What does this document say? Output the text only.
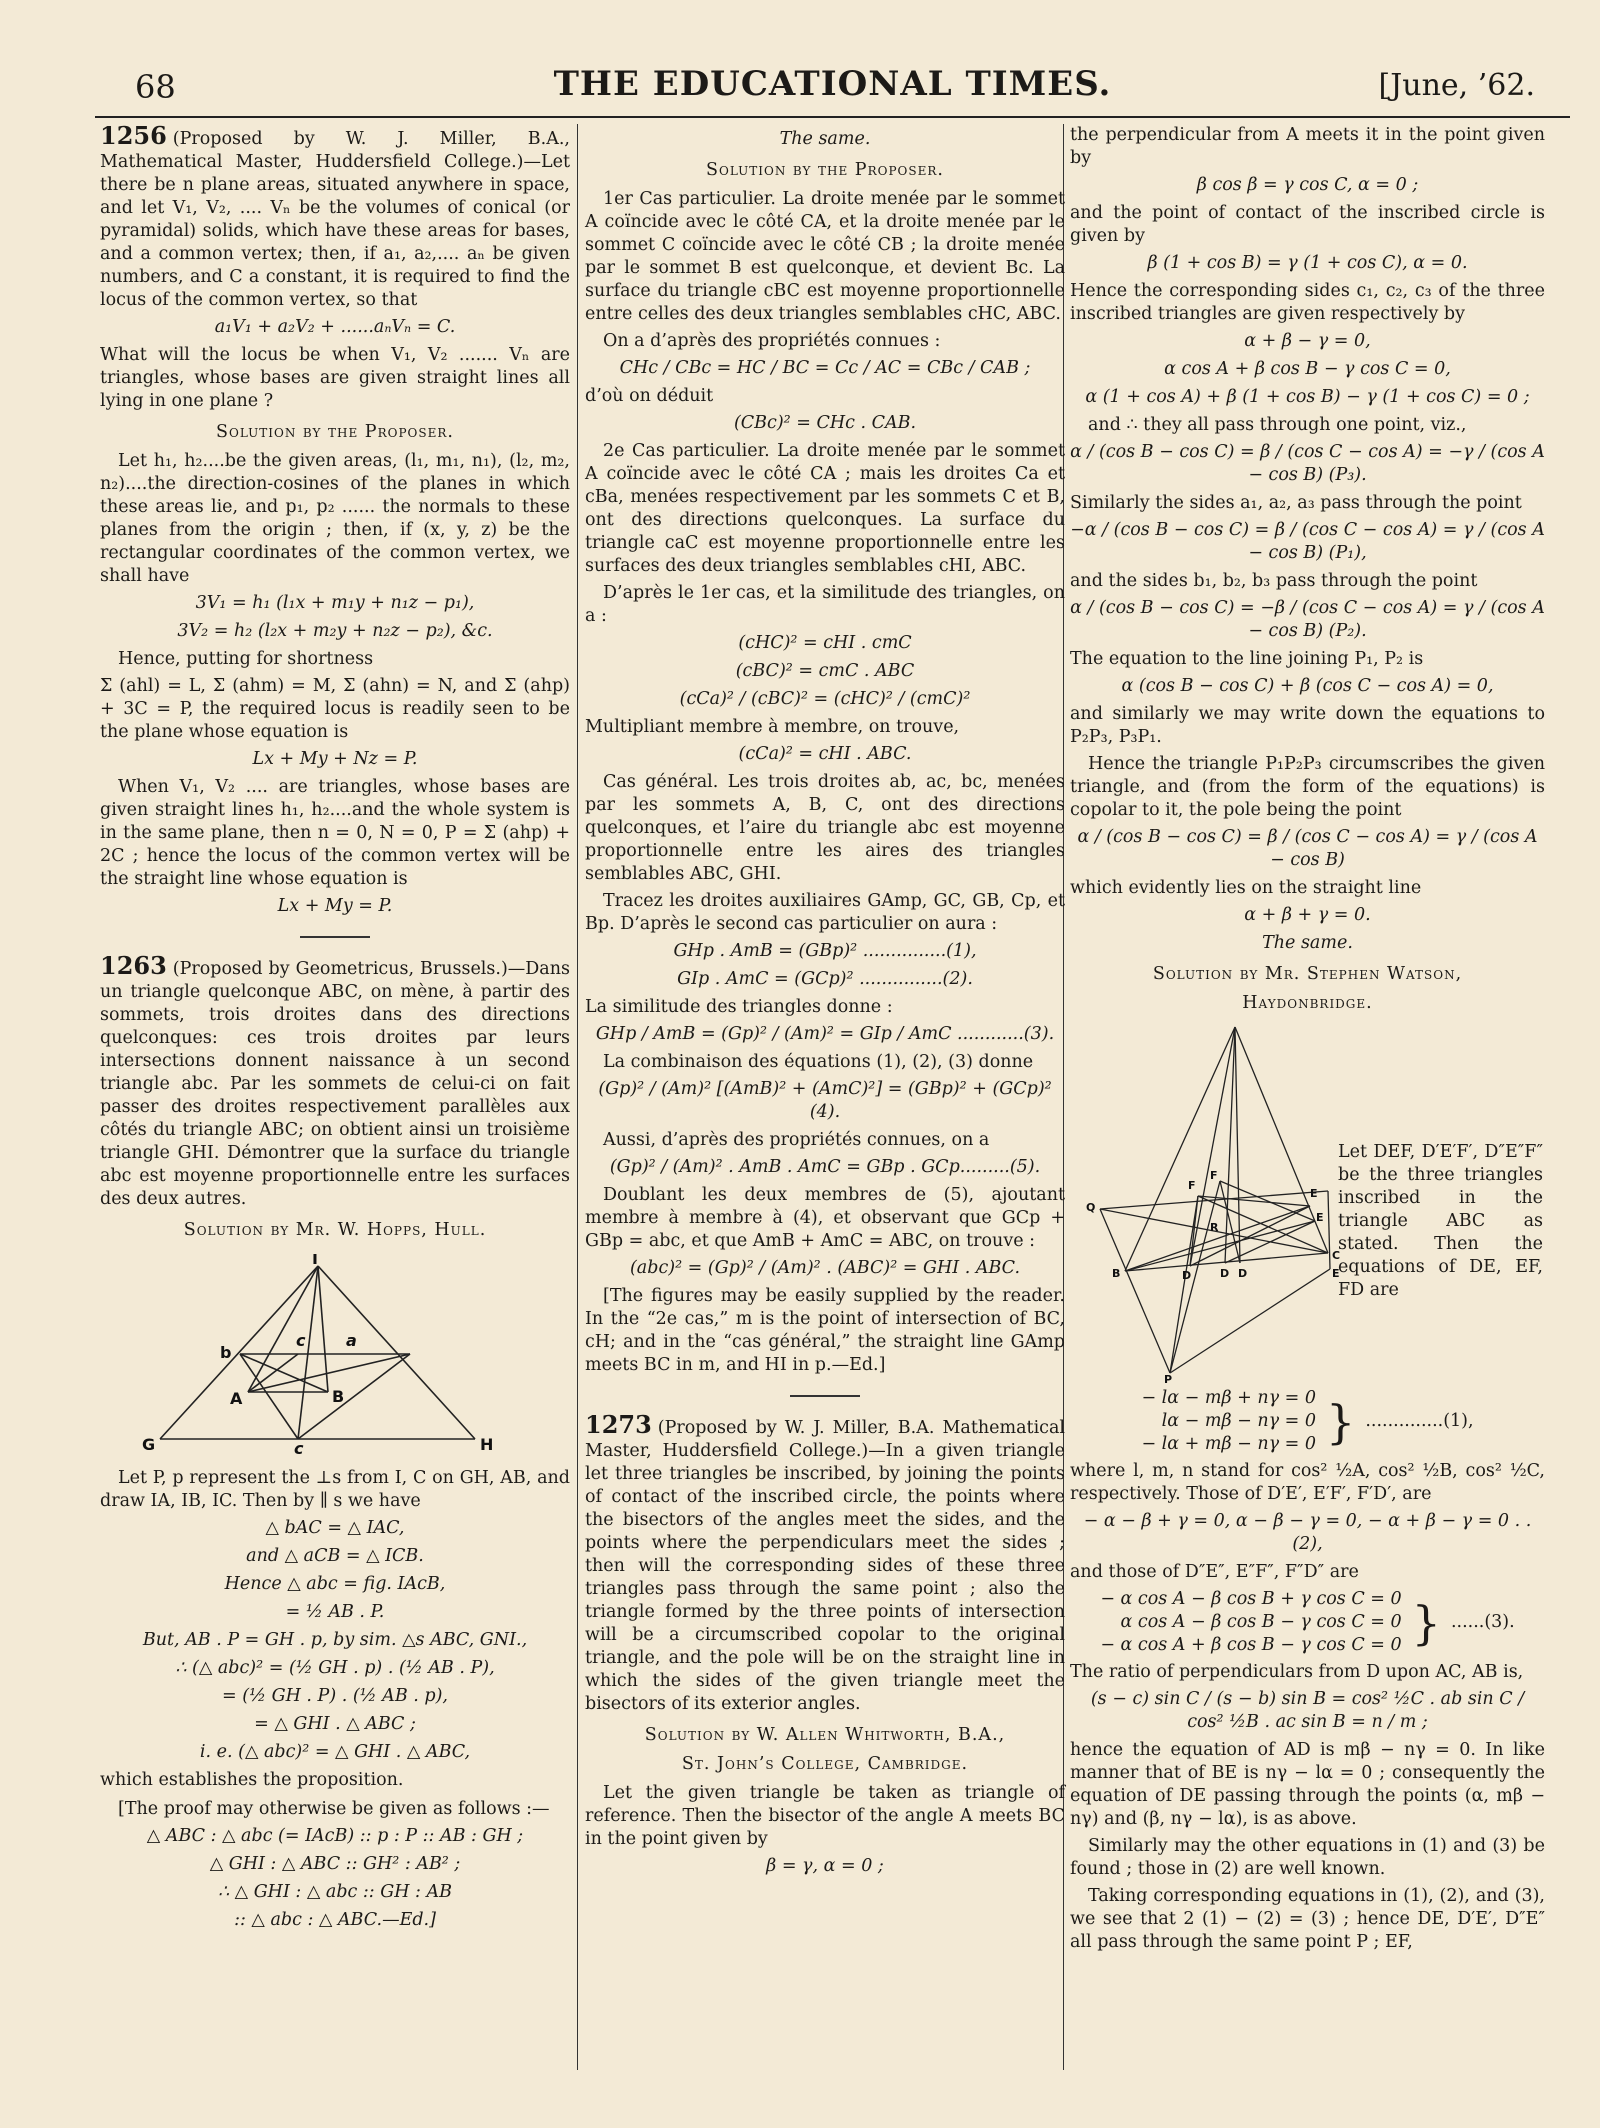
68	THE EDUCATIONAL TIMES.	[June, ’62.

1256 (Proposed by W. J. Miller, B.A., Mathematical Master, Huddersfield College.)—Let there be n plane areas, situated anywhere in space, and let V₁, V₂, .... Vₙ be the volumes of conical (or pyramidal) solids, which have these areas for bases, and a common vertex; then, if a₁, a₂,.... aₙ be given numbers, and C a constant, it is required to find the locus of the common vertex, so that

a₁V₁ + a₂V₂ + ......aₙVₙ = C.

What will the locus be when V₁, V₂ ....... Vₙ are triangles, whose bases are given straight lines all lying in one plane ?

Solution by the Proposer.

Let h₁, h₂....be the given areas, (l₁, m₁, n₁), (l₂, m₂, n₂)....the direction-cosines of the planes in which these areas lie, and p₁, p₂ ...... the normals to these planes from the origin ; then, if (x, y, z) be the rectangular coordinates of the common vertex, we shall have

3V₁ = h₁ (l₁x + m₁y + n₁z − p₁),
3V₂ = h₂ (l₂x + m₂y + n₂z − p₂), &c.

Hence, putting for shortness

Σ (ahl) = L, Σ (ahm) = M, Σ (ahn) = N, and Σ (ahp) + 3C = P, the required locus is readily seen to be the plane whose equation is

Lx + My + Nz = P.

When V₁, V₂ .... are triangles, whose bases are given straight lines h₁, h₂....and the whole system is in the same plane, then n = 0, N = 0, P = Σ (ahp) + 2C ; hence the locus of the common vertex will be the straight line whose equation is

Lx + My = P.

1263 (Proposed by Geometricus, Brussels.)—Dans un triangle quelconque ABC, on mène, à partir des sommets, trois droites dans des directions quelconques: ces trois droites par leurs intersections donnent naissance à un second triangle abc. Par les sommets de celui-ci on fait passer des droites respectivement parallèles aux côtés du triangle ABC; on obtient ainsi un troisième triangle GHI. Démontrer que la surface du triangle abc est moyenne proportionnelle entre les surfaces des deux autres.

Solution by Mr. W. Hopps, Hull.
I
b
c	a
A	B
G	c	H

Let P, p represent the ⊥s from I, C on GH, AB, and draw IA, IB, IC. Then by ∥ s we have

△ bAC = △ IAC,
and △ aCB = △ ICB.
Hence △ abc = fig. IAcB,
= ½ AB . P.
But, AB . P = GH . p, by sim. △s ABC, GNI.,
∴ (△ abc)² = (½ GH . p) . (½ AB . P),
= (½ GH . P) . (½ AB . p),
= △ GHI . △ ABC ;
i. e. (△ abc)² = △ GHI . △ ABC,

which establishes the proposition.

[The proof may otherwise be given as follows :—

△ ABC : △ abc (= IAcB) :: p : P :: AB : GH ;
△ GHI : △ ABC :: GH² : AB² ;
∴ △ GHI : △ abc :: GH : AB
:: △ abc : △ ABC.—Ed.]
The same.
Solution by the Proposer.

1er Cas particulier. La droite menée par le sommet A coïncide avec le côté CA, et la droite menée par le sommet C coïncide avec le côté CB ; la droite menée par le sommet B est quelconque, et devient Bc. La surface du triangle cBC est moyenne proportionnelle entre celles des deux triangles semblables cHC, ABC.

On a d’après des propriétés connues :

CHc / CBc = HC / BC = Cc / AC = CBc / CAB ;

d’où on déduit

(CBc)² = CHc . CAB.

2e Cas particulier. La droite menée par le sommet A coïncide avec le côté CA ; mais les droites Ca et cBa, menées respectivement par les sommets C et B, ont des directions quelconques. La surface du triangle caC est moyenne proportionnelle entre les surfaces des deux triangles semblables cHI, ABC.

D’après le 1er cas, et la similitude des triangles, on a :

(cHC)² = cHI . cmC
(cBC)² = cmC . ABC
(cCa)² / (cBC)² = (cHC)² / (cmC)²

Multipliant membre à membre, on trouve,

(cCa)² = cHI . ABC.

Cas général. Les trois droites ab, ac, bc, menées par les sommets A, B, C, ont des directions quelconques, et l’aire du triangle abc est moyenne proportionnelle entre les aires des triangles semblables ABC, GHI.

Tracez les droites auxiliaires GAmp, GC, GB, Cp, et Bp. D’après le second cas particulier on aura :

GHp . AmB = (GBp)² ...............(1),
GIp . AmC = (GCp)² ...............(2).

La similitude des triangles donne :

GHp / AmB = (Gp)² / (Am)² = GIp / AmC ............(3).

La combinaison des équations (1), (2), (3) donne

(Gp)² / (Am)² [(AmB)² + (AmC)²] = (GBp)² + (GCp)² (4).

Aussi, d’après des propriétés connues, on a

(Gp)² / (Am)² . AmB . AmC = GBp . GCp.........(5).

Doublant les deux membres de (5), ajoutant membre à membre à (4), et observant que GCp + GBp = abc, et que AmB + AmC = ABC, on trouve :

(abc)² = (Gp)² / (Am)² . (ABC)² = GHI . ABC.

[The figures may be easily supplied by the reader. In the “2e cas,” m is the point of intersection of BC, cH; and in the “cas général,” the straight line GAmp meets BC in m, and HI in p.—Ed.]

1273 (Proposed by W. J. Miller, B.A. Mathematical Master, Huddersfield College.)—In a given triangle let three triangles be inscribed, by joining the points of contact of the inscribed circle, the points where the bisectors of the angles meet the sides, and the points where the perpendiculars meet the sides ; then will the corresponding sides of these three triangles pass through the same point ; also the triangle formed by the three points of intersection will be a circumscribed copolar to the original triangle, and the pole will be on the straight line in which the sides of the given triangle meet the bisectors of its exterior angles.

Solution by W. Allen Whitworth, B.A.,
St. John’s College, Cambridge.

Let the given triangle be taken as triangle of reference. Then the bisector of the angle A meets BC in the point given by

β = γ, α = 0 ;

the perpendicular from A meets it in the point given by

β cos β = γ cos C, α = 0 ;

and the point of contact of the inscribed circle is given by

β (1 + cos B) = γ (1 + cos C), α = 0.

Hence the corresponding sides c₁, c₂, c₃ of the three inscribed triangles are given respectively by

α + β − γ = 0,
α cos A + β cos B − γ cos C = 0,
α (1 + cos A) + β (1 + cos B) − γ (1 + cos C) = 0 ;

and ∴ they all pass through one point, viz.,

α / (cos B − cos C) = β / (cos C − cos A) = −γ / (cos A − cos B) (P₃).

Similarly the sides a₁, a₂, a₃ pass through the point

−α / (cos B − cos C) = β / (cos C − cos A) = γ / (cos A − cos B) (P₁),

and the sides b₁, b₂, b₃ pass through the point

α / (cos B − cos C) = −β / (cos C − cos A) = γ / (cos A − cos B) (P₂).

The equation to the line joining P₁, P₂ is

α (cos B − cos C) + β (cos C − cos A) = 0,

and similarly we may write down the equations to P₂P₃, P₃P₁.

Hence the triangle P₁P₂P₃ circumscribes the given triangle, and (from the form of the equations) is copolar to it, the pole being the point

α / (cos B − cos C) = β / (cos C − cos A) = γ / (cos A − cos B)

which evidently lies on the straight line

α + β + γ = 0.
The same.
Solution by Mr. Stephen Watson,
Haydonbridge.
Q
F
F
E
E
R
B	D	D D
C
E
P

Let DEF, D′E′F′, D″E″F″ be the three triangles inscribed in the triangle ABC as stated. Then the equations of DE, EF, FD are

− lα − mβ + nγ = 0
lα − mβ − nγ = 0
− lα + mβ − nγ = 0 } ..............(1),

where l, m, n stand for cos² ½A, cos² ½B, cos² ½C, respectively. Those of D′E′, E′F′, F′D′, are

− α − β + γ = 0, α − β − γ = 0, − α + β − γ = 0 . . (2),

and those of D″E″, E″F″, F″D″ are

− α cos A − β cos B + γ cos C = 0
α cos A − β cos B − γ cos C = 0
− α cos A + β cos B − γ cos C = 0 } ......(3).

The ratio of perpendiculars from D upon AC, AB is,

(s − c) sin C / (s − b) sin B = cos² ½C . ab sin C / cos² ½B . ac sin B = n / m ;

hence the equation of AD is mβ − nγ = 0. In like manner that of BE is nγ − lα = 0 ; consequently the equation of DE passing through the points (α, mβ − nγ) and (β, nγ − lα), is as above.

Similarly may the other equations in (1) and (3) be found ; those in (2) are well known.

Taking corresponding equations in (1), (2), and (3), we see that 2 (1) − (2) = (3) ; hence DE, D′E′, D″E″ all pass through the same point P ; EF,
